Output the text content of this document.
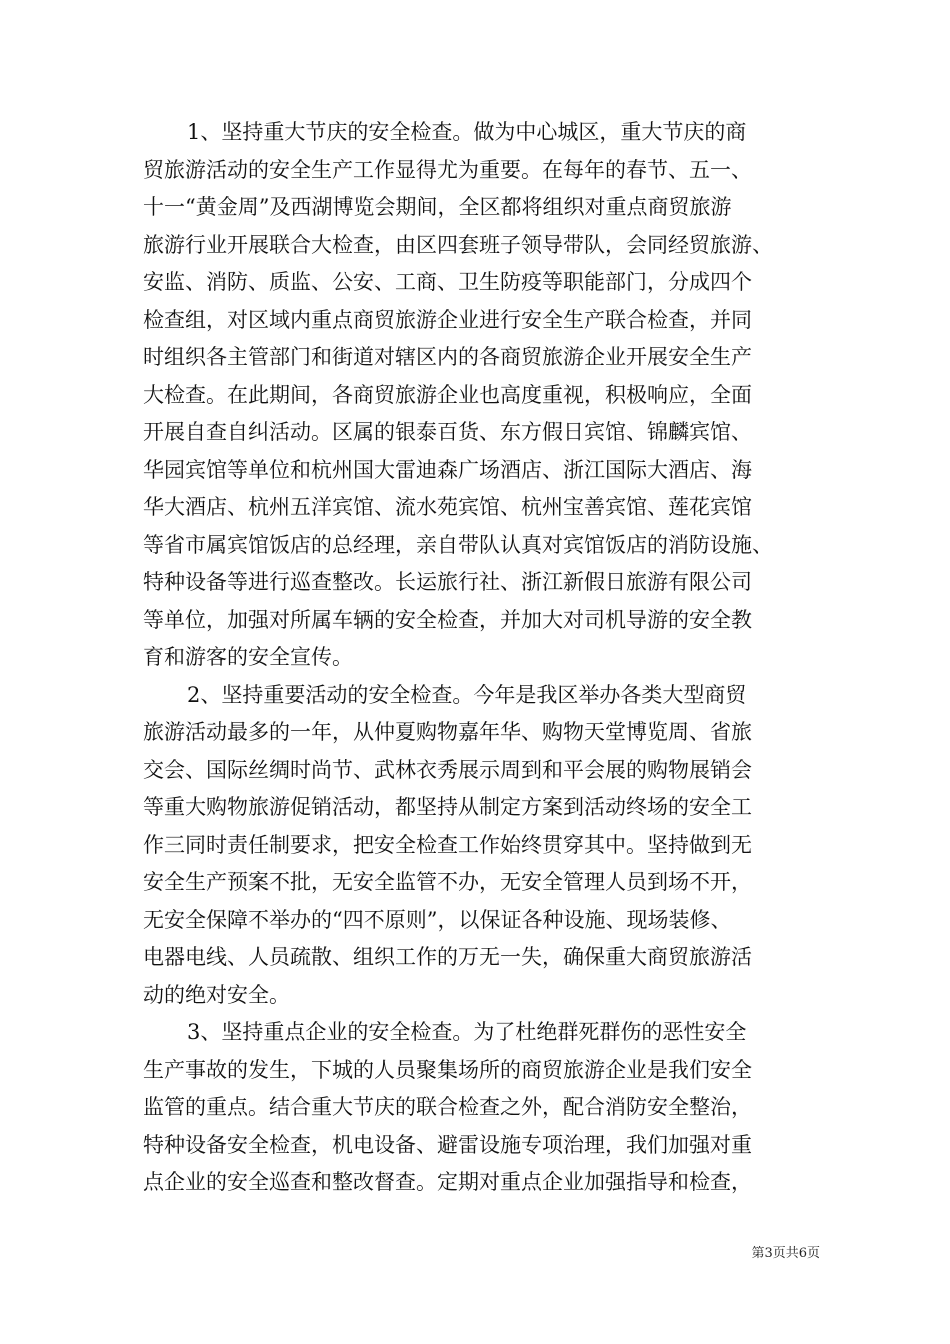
1、坚持重大节庆的安全检查。做为中心城区，重大节庆的商
贸旅游活动的安全生产工作显得尤为重要。在每年的春节、五一、
十一“黄金周”及西湖博览会期间，全区都将组织对重点商贸旅游
旅游行业开展联合大检查，由区四套班子领导带队，会同经贸旅游、
安监、消防、质监、公安、工商、卫生防疫等职能部门，分成四个
检查组，对区域内重点商贸旅游企业进行安全生产联合检查，并同
时组织各主管部门和街道对辖区内的各商贸旅游企业开展安全生产
大检查。在此期间，各商贸旅游企业也高度重视，积极响应，全面
开展自查自纠活动。区属的银泰百货、东方假日宾馆、锦麟宾馆、
华园宾馆等单位和杭州国大雷迪森广场酒店、浙江国际大酒店、海
华大酒店、杭州五洋宾馆、流水苑宾馆、杭州宝善宾馆、莲花宾馆
等省市属宾馆饭店的总经理，亲自带队认真对宾馆饭店的消防设施、
特种设备等进行巡查整改。长运旅行社、浙江新假日旅游有限公司
等单位，加强对所属车辆的安全检查，并加大对司机导游的安全教
育和游客的安全宣传。
2、坚持重要活动的安全检查。今年是我区举办各类大型商贸
旅游活动最多的一年，从仲夏购物嘉年华、购物天堂博览周、省旅
交会、国际丝绸时尚节、武林衣秀展示周到和平会展的购物展销会
等重大购物旅游促销活动，都坚持从制定方案到活动终场的安全工
作三同时责任制要求，把安全检查工作始终贯穿其中。坚持做到无
安全生产预案不批，无安全监管不办，无安全管理人员到场不开，
无安全保障不举办的“四不原则”，以保证各种设施、现场装修、
电器电线、人员疏散、组织工作的万无一失，确保重大商贸旅游活
动的绝对安全。
3、坚持重点企业的安全检查。为了杜绝群死群伤的恶性安全
生产事故的发生，下城的人员聚集场所的商贸旅游企业是我们安全
监管的重点。结合重大节庆的联合检查之外，配合消防安全整治，
特种设备安全检查，机电设备、避雷设施专项治理，我们加强对重
点企业的安全巡查和整改督查。定期对重点企业加强指导和检查，
第3页共6页
